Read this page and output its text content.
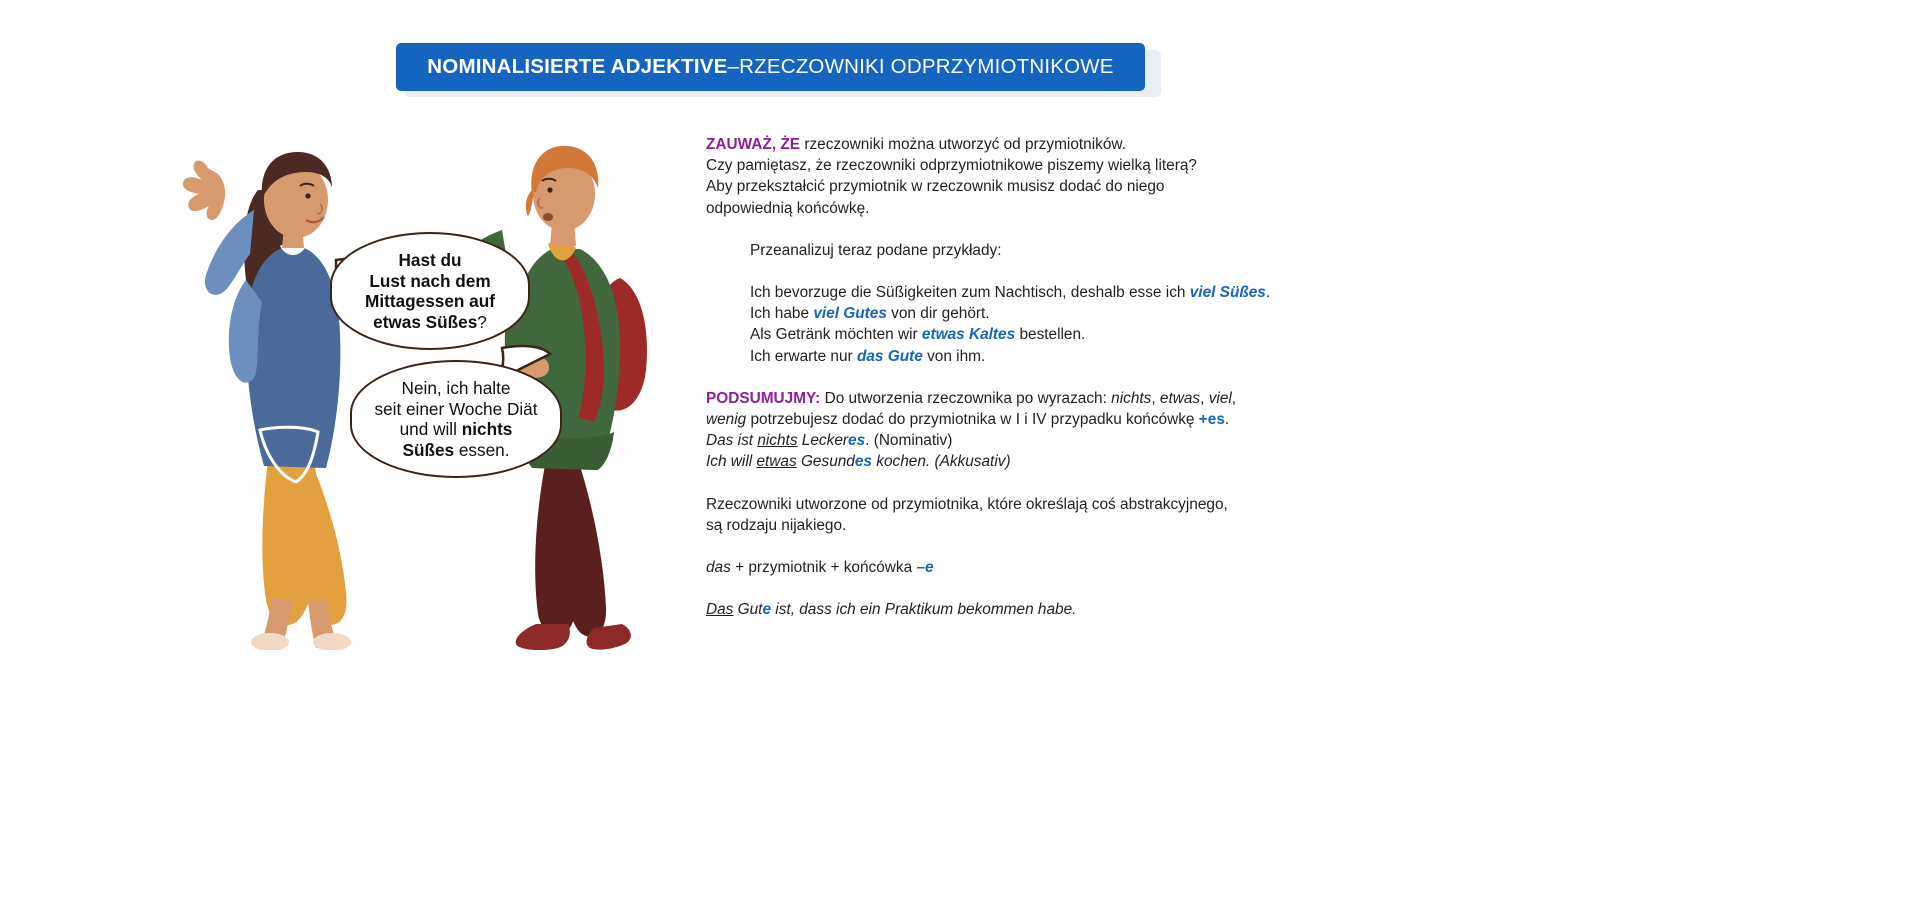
NOMINALISIERTE ADJEKTIVE – RZECZOWNIKI ODPRZYMIOTNIKOWE
Hast du
Lust nach dem
Mittagessen auf
etwas Süßes?
Nein, ich halte
seit einer Woche Diät
und will nichts
Süßes essen.

ZAUWAŻ, ŻE rzeczowniki można utworzyć od przymiotników.

Czy pamiętasz, że rzeczowniki odprzymiotnikowe piszemy wielką literą?

Aby przekształcić przymiotnik w rzeczownik musisz dodać do niego

odpowiednią końcówkę.

Przeanalizuj teraz podane przykłady:

Ich bevorzuge die Süßigkeiten zum Nachtisch, deshalb esse ich viel Süßes.

Ich habe viel Gutes von dir gehört.

Als Getränk möchten wir etwas Kaltes bestellen.

Ich erwarte nur das Gute von ihm.

PODSUMUJMY: Do utworzenia rzeczownika po wyrazach: nichts, etwas, viel,

wenig potrzebujesz dodać do przymiotnika w I i IV przypadku końcówkę +es.

Das ist nichts Leckeres. (Nominativ)

Ich will etwas Gesundes kochen. (Akkusativ)

Rzeczowniki utworzone od przymiotnika, które określają coś abstrakcyjnego,

są rodzaju nijakiego.

das + przymiotnik + końcówka –e

Das Gute ist, dass ich ein Praktikum bekommen habe.
